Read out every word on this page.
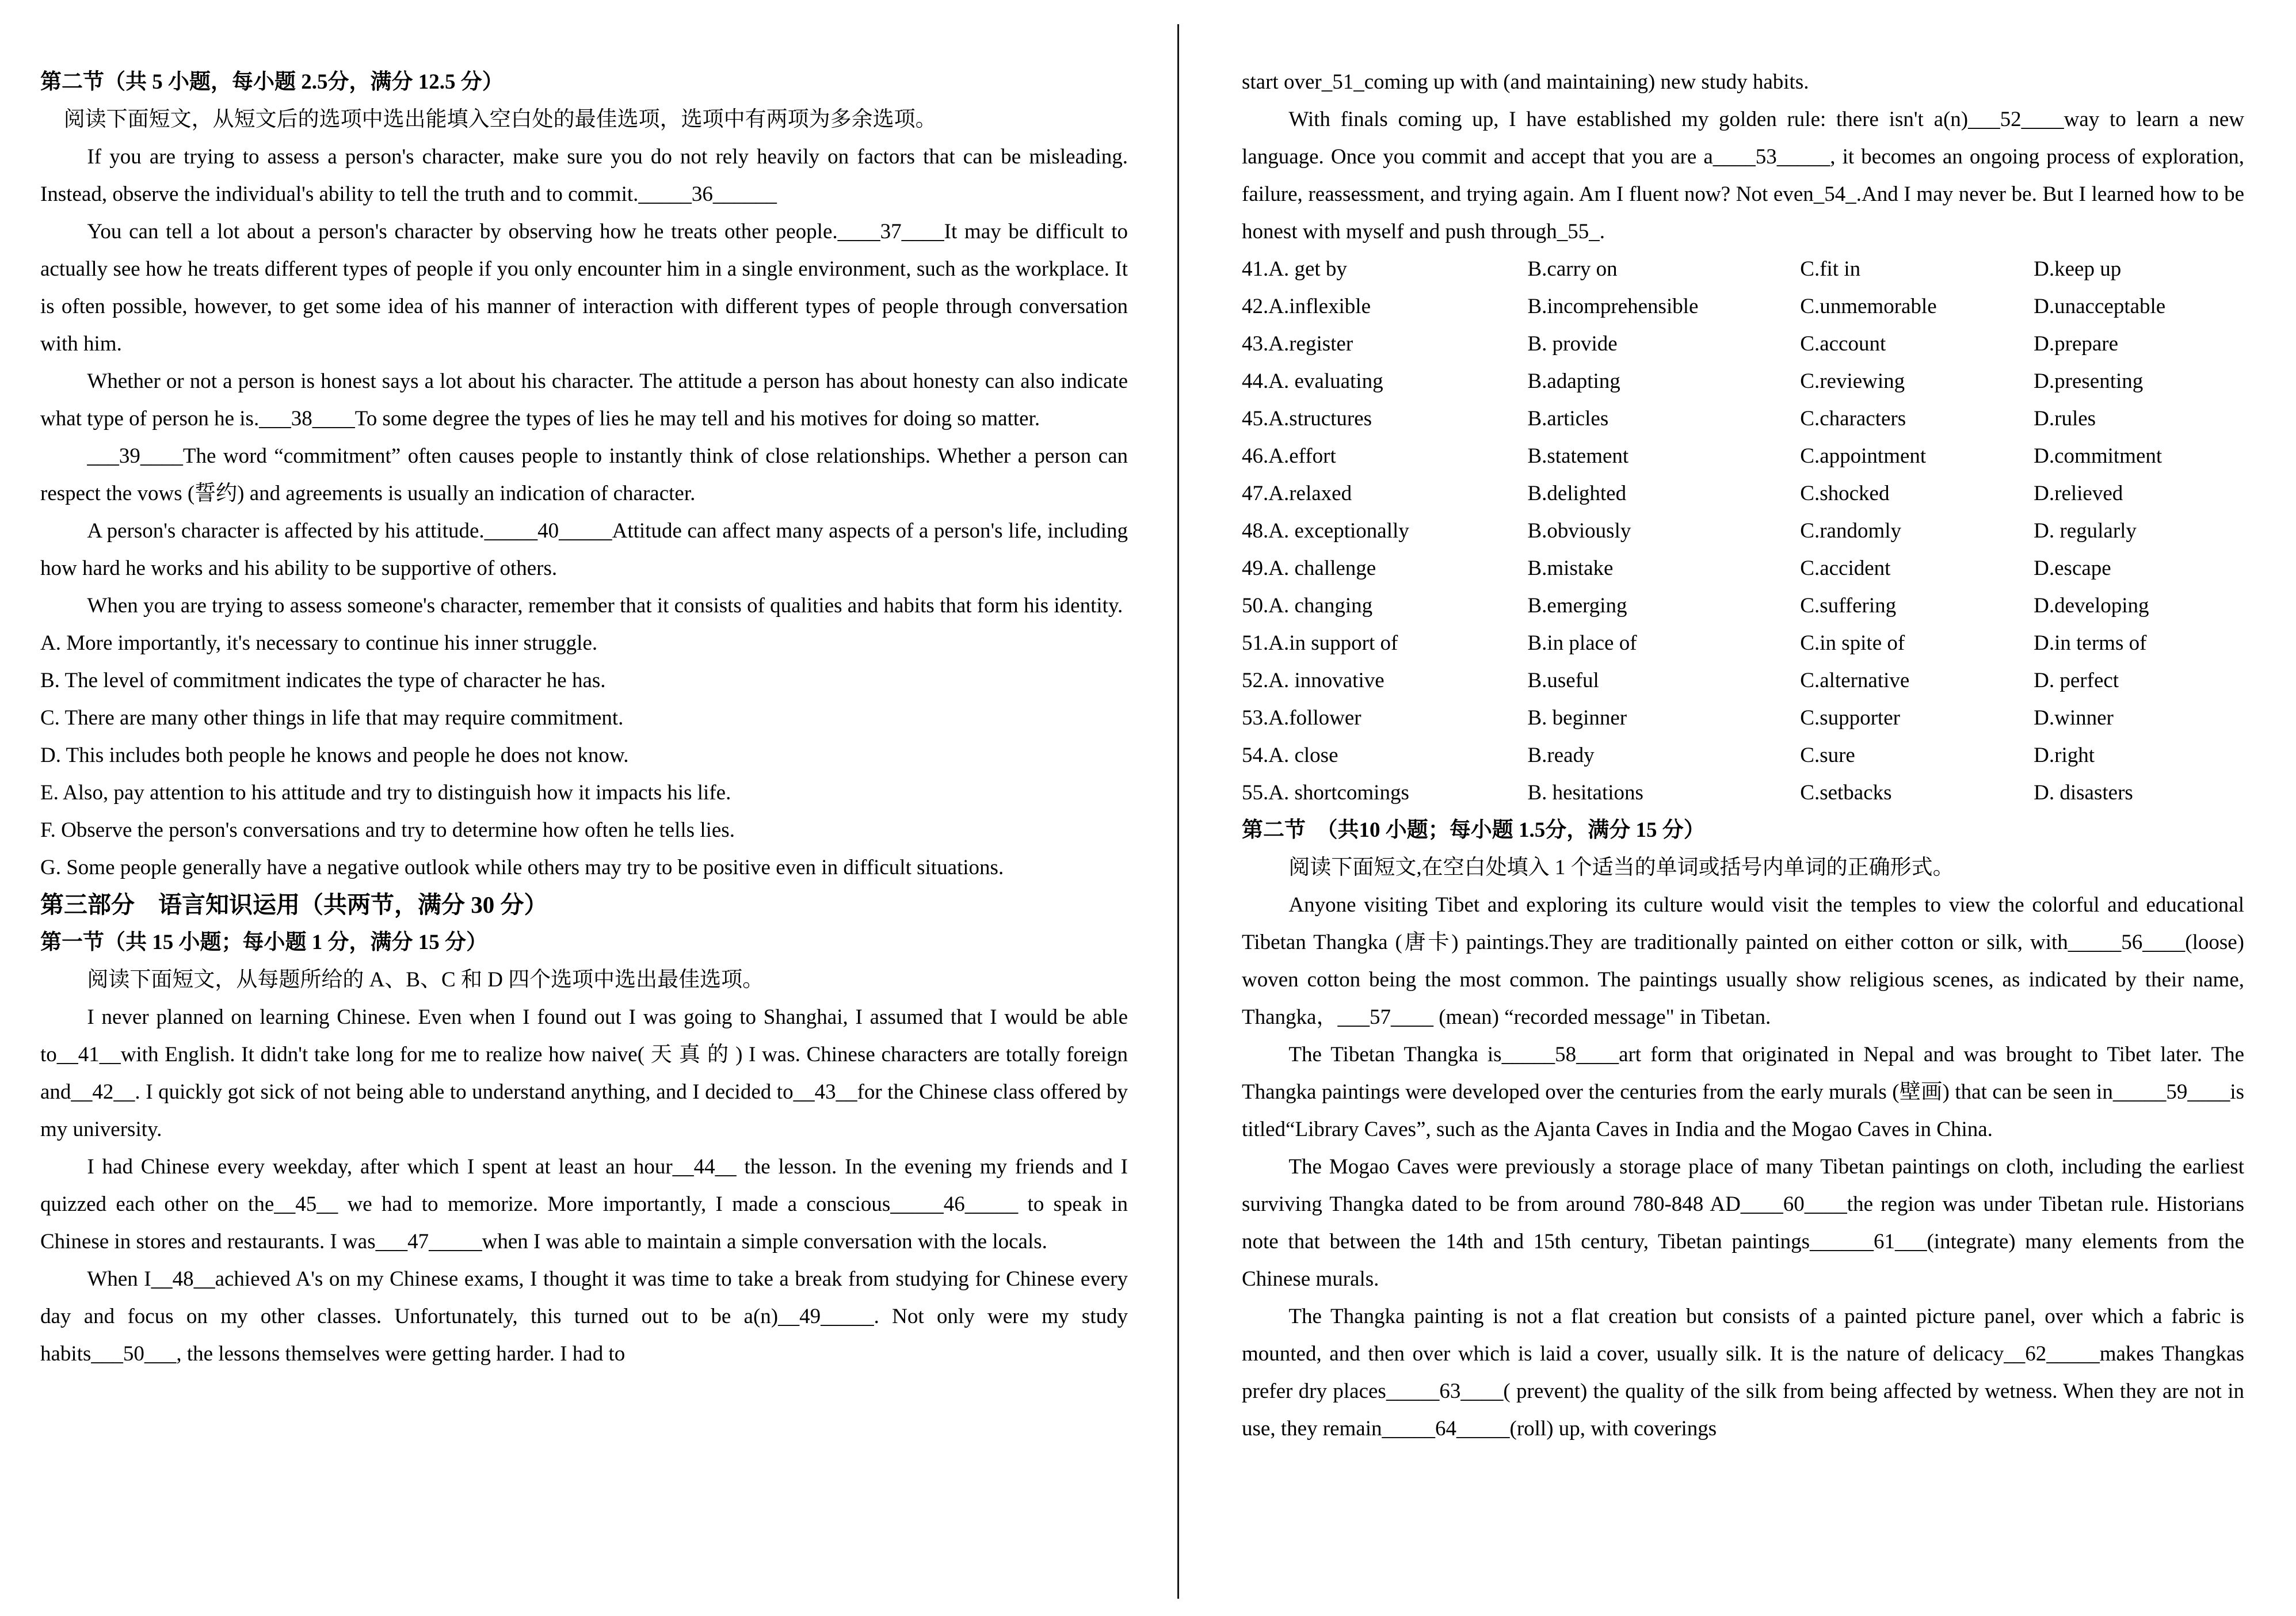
第二节（共 5 小题，每小题 2.5分，满分 12.5 分）

阅读下面短文，从短文后的选项中选出能填入空白处的最佳选项，选项中有两项为多余选项。

If you are trying to assess a person's character, make sure you do not rely heavily on factors that can be misleading. Instead, observe the individual's ability to tell the truth and to commit._____36______

You can tell a lot about a person's character by observing how he treats other people.____37____It may be difficult to actually see how he treats different types of people if you only encounter him in a single environment, such as the workplace. It is often possible, however, to get some idea of his manner of interaction with different types of people through conversation with him.

Whether or not a person is honest says a lot about his character. The attitude a person has about honesty can also indicate what type of person he is.___38____To some degree the types of lies he may tell and his motives for doing so matter.

___39____The word “commitment” often causes people to instantly think of close relationships. Whether a person can respect the vows (誓约) and agreements is usually an indication of character.

A person's character is affected by his attitude._____40_____Attitude can affect many aspects of a person's life, including how hard he works and his ability to be supportive of others.

When you are trying to assess someone's character, remember that it consists of qualities and habits that form his identity.

A. More importantly, it's necessary to continue his inner struggle.

B. The level of commitment indicates the type of character he has.

C. There are many other things in life that may require commitment.

D. This includes both people he knows and people he does not know.

E. Also, pay attention to his attitude and try to distinguish how it impacts his life.

F. Observe the person's conversations and try to determine how often he tells lies.

G. Some people generally have a negative outlook while others may try to be positive even in difficult situations.

第三部分　语言知识运用（共两节，满分 30 分）

第一节（共 15 小题；每小题 1 分，满分 15 分）

阅读下面短文，从每题所给的 A、B、C 和 D 四个选项中选出最佳选项。

I never planned on learning Chinese. Even when I found out I was going to Shanghai, I assumed that I would be able to__41__with English. It didn't take long for me to realize how naive( 天 真 的 ) I was. Chinese characters are totally foreign and__42__. I quickly got sick of not being able to understand anything, and I decided to__43__for the Chinese class offered by my university.

I had Chinese every weekday, after which I spent at least an hour__44__ the lesson. In the evening my friends and I quizzed each other on the__45__ we had to memorize. More importantly, I made a conscious_____46_____ to speak in Chinese in stores and restaurants. I was___47_____when I was able to maintain a simple conversation with the locals.

When I__48__achieved A's on my Chinese exams, I thought it was time to take a break from studying for Chinese every day and focus on my other classes. Unfortunately, this turned out to be a(n)__49_____. Not only were my study habits___50___, the lessons themselves were getting harder. I had to

start over_51_coming up with (and maintaining) new study habits.

With finals coming up, I have established my golden rule: there isn't a(n)___52____way to learn a new language. Once you commit and accept that you are a____53_____, it becomes an ongoing process of exploration, failure, reassessment, and trying again. Am I fluent now? Not even_54_.And I may never be. But I learned how to be honest with myself and push through_55_.

41.A. get by	B.carry on	C.fit in	D.keep up
42.A.inflexible	B.incomprehensible	C.unmemorable	D.unacceptable
43.A.register	B. provide	C.account	D.prepare
44.A. evaluating	B.adapting	C.reviewing	D.presenting
45.A.structures	B.articles	C.characters	D.rules
46.A.effort	B.statement	C.appointment	D.commitment
47.A.relaxed	B.delighted	C.shocked	D.relieved
48.A. exceptionally	B.obviously	C.randomly	D. regularly
49.A. challenge	B.mistake	C.accident	D.escape
50.A. changing	B.emerging	C.suffering	D.developing
51.A.in support of	B.in place of	C.in spite of	D.in terms of
52.A. innovative	B.useful	C.alternative	D. perfect
53.A.follower	B. beginner	C.supporter	D.winner
54.A. close	B.ready	C.sure	D.right
55.A. shortcomings	B. hesitations	C.setbacks	D. disasters

第二节　（共10 小题；每小题 1.5分，满分 15 分）

阅读下面短文,在空白处填入 1 个适当的单词或括号内单词的正确形式。

Anyone visiting Tibet and exploring its culture would visit the temples to view the colorful and educational Tibetan Thangka (唐卡) paintings.They are traditionally painted on either cotton or silk, with_____56____(loose) woven cotton being the most common. The paintings usually show religious scenes, as indicated by their name, Thangka，___57____ (mean) “recorded message" in Tibetan.

The Tibetan Thangka is_____58____art form that originated in Nepal and was brought to Tibet later. The Thangka paintings were developed over the centuries from the early murals (壁画) that can be seen in_____59____is titled“Library Caves”, such as the Ajanta Caves in India and the Mogao Caves in China.

The Mogao Caves were previously a storage place of many Tibetan paintings on cloth, including the earliest surviving Thangka dated to be from around 780-848 AD____60____the region was under Tibetan rule. Historians note that between the 14th and 15th century, Tibetan paintings______61___(integrate) many elements from the Chinese murals.

The Thangka painting is not a flat creation but consists of a painted picture panel, over which a fabric is mounted, and then over which is laid a cover, usually silk. It is the nature of delicacy__62_____makes Thangkas prefer dry places_____63____( prevent) the quality of the silk from being affected by wetness. When they are not in use, they remain_____64_____(roll) up, with coverings
